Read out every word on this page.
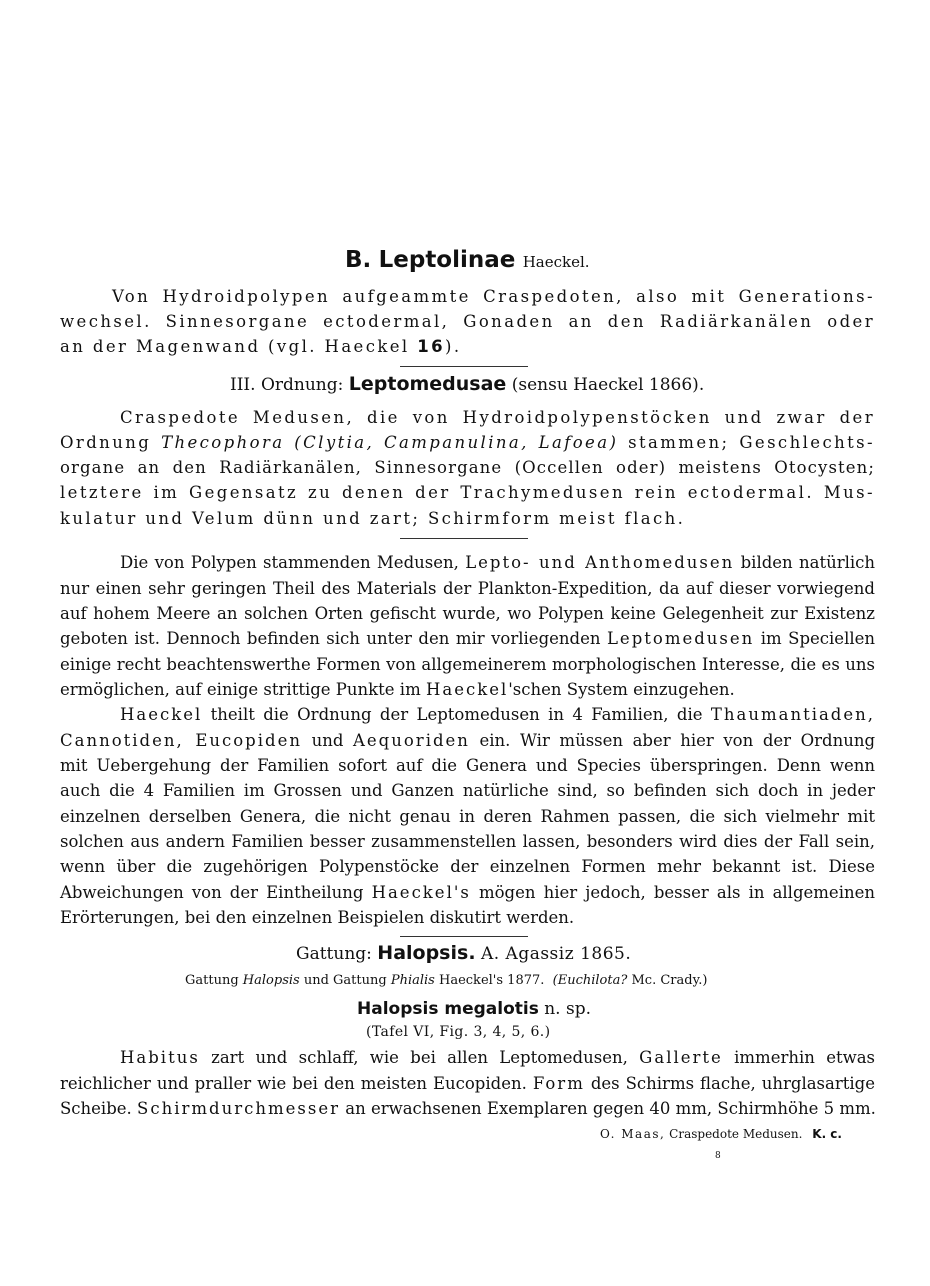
B. Leptolinae Haeckel.
Von Hydroidpolypen aufgeammte Craspedoten, also mit Generations-
wechsel. Sinnesorgane ectodermal, Gonaden an den Radiärkanälen oder
an der Magenwand (vgl. Haeckel 16).
III. Ordnung: Leptomedusae (sensu Haeckel 1866).
Craspedote Medusen, die von Hydroidpolypenstöcken und zwar der
Ordnung Thecophora (Clytia, Campanulina, Lafoea) stammen; Geschlechts-
organe an den Radiärkanälen, Sinnesorgane (Occellen oder) meistens Otocysten;
letztere im Gegensatz zu denen der Trachymedusen rein ectodermal. Mus-
kulatur und Velum dünn und zart; Schirmform meist flach.
Die von Polypen stammenden Medusen, Lepto- und Anthomedusen bilden natürlich
nur einen sehr geringen Theil des Materials der Plankton-Expedition, da auf dieser vorwiegend
auf hohem Meere an solchen Orten gefischt wurde, wo Polypen keine Gelegenheit zur Existenz
geboten ist. Dennoch befinden sich unter den mir vorliegenden Leptomedusen im Speciellen
einige recht beachtenswerthe Formen von allgemeinerem morphologischen Interesse, die es uns
ermöglichen, auf einige strittige Punkte im Haeckel'schen System einzugehen.
Haeckel theilt die Ordnung der Leptomedusen in 4 Familien, die Thaumantiaden,
Cannotiden, Eucopiden und Aequoriden ein. Wir müssen aber hier von der Ordnung
mit Uebergehung der Familien sofort auf die Genera und Species überspringen. Denn wenn
auch die 4 Familien im Grossen und Ganzen natürliche sind, so befinden sich doch in jeder
einzelnen derselben Genera, die nicht genau in deren Rahmen passen, die sich vielmehr mit
solchen aus andern Familien besser zusammenstellen lassen, besonders wird dies der Fall sein,
wenn über die zugehörigen Polypenstöcke der einzelnen Formen mehr bekannt ist. Diese
Abweichungen von der Eintheilung Haeckel's mögen hier jedoch, besser als in allgemeinen
Erörterungen, bei den einzelnen Beispielen diskutirt werden.
Gattung: Halopsis. A. Agassiz 1865.
Gattung Halopsis und Gattung Phialis Haeckel's 1877. (Euchilota? Mc. Crady.)
Halopsis megalotis n. sp.
(Tafel VI, Fig. 3, 4, 5, 6.)
Habitus zart und schlaff, wie bei allen Leptomedusen, Gallerte immerhin etwas
reichlicher und praller wie bei den meisten Eucopiden. Form des Schirms flache, uhrglasartige
Scheibe. Schirmdurchmesser an erwachsenen Exemplaren gegen 40 mm, Schirmhöhe 5 mm.
O. Maas, Craspedote Medusen. K. c.
8
